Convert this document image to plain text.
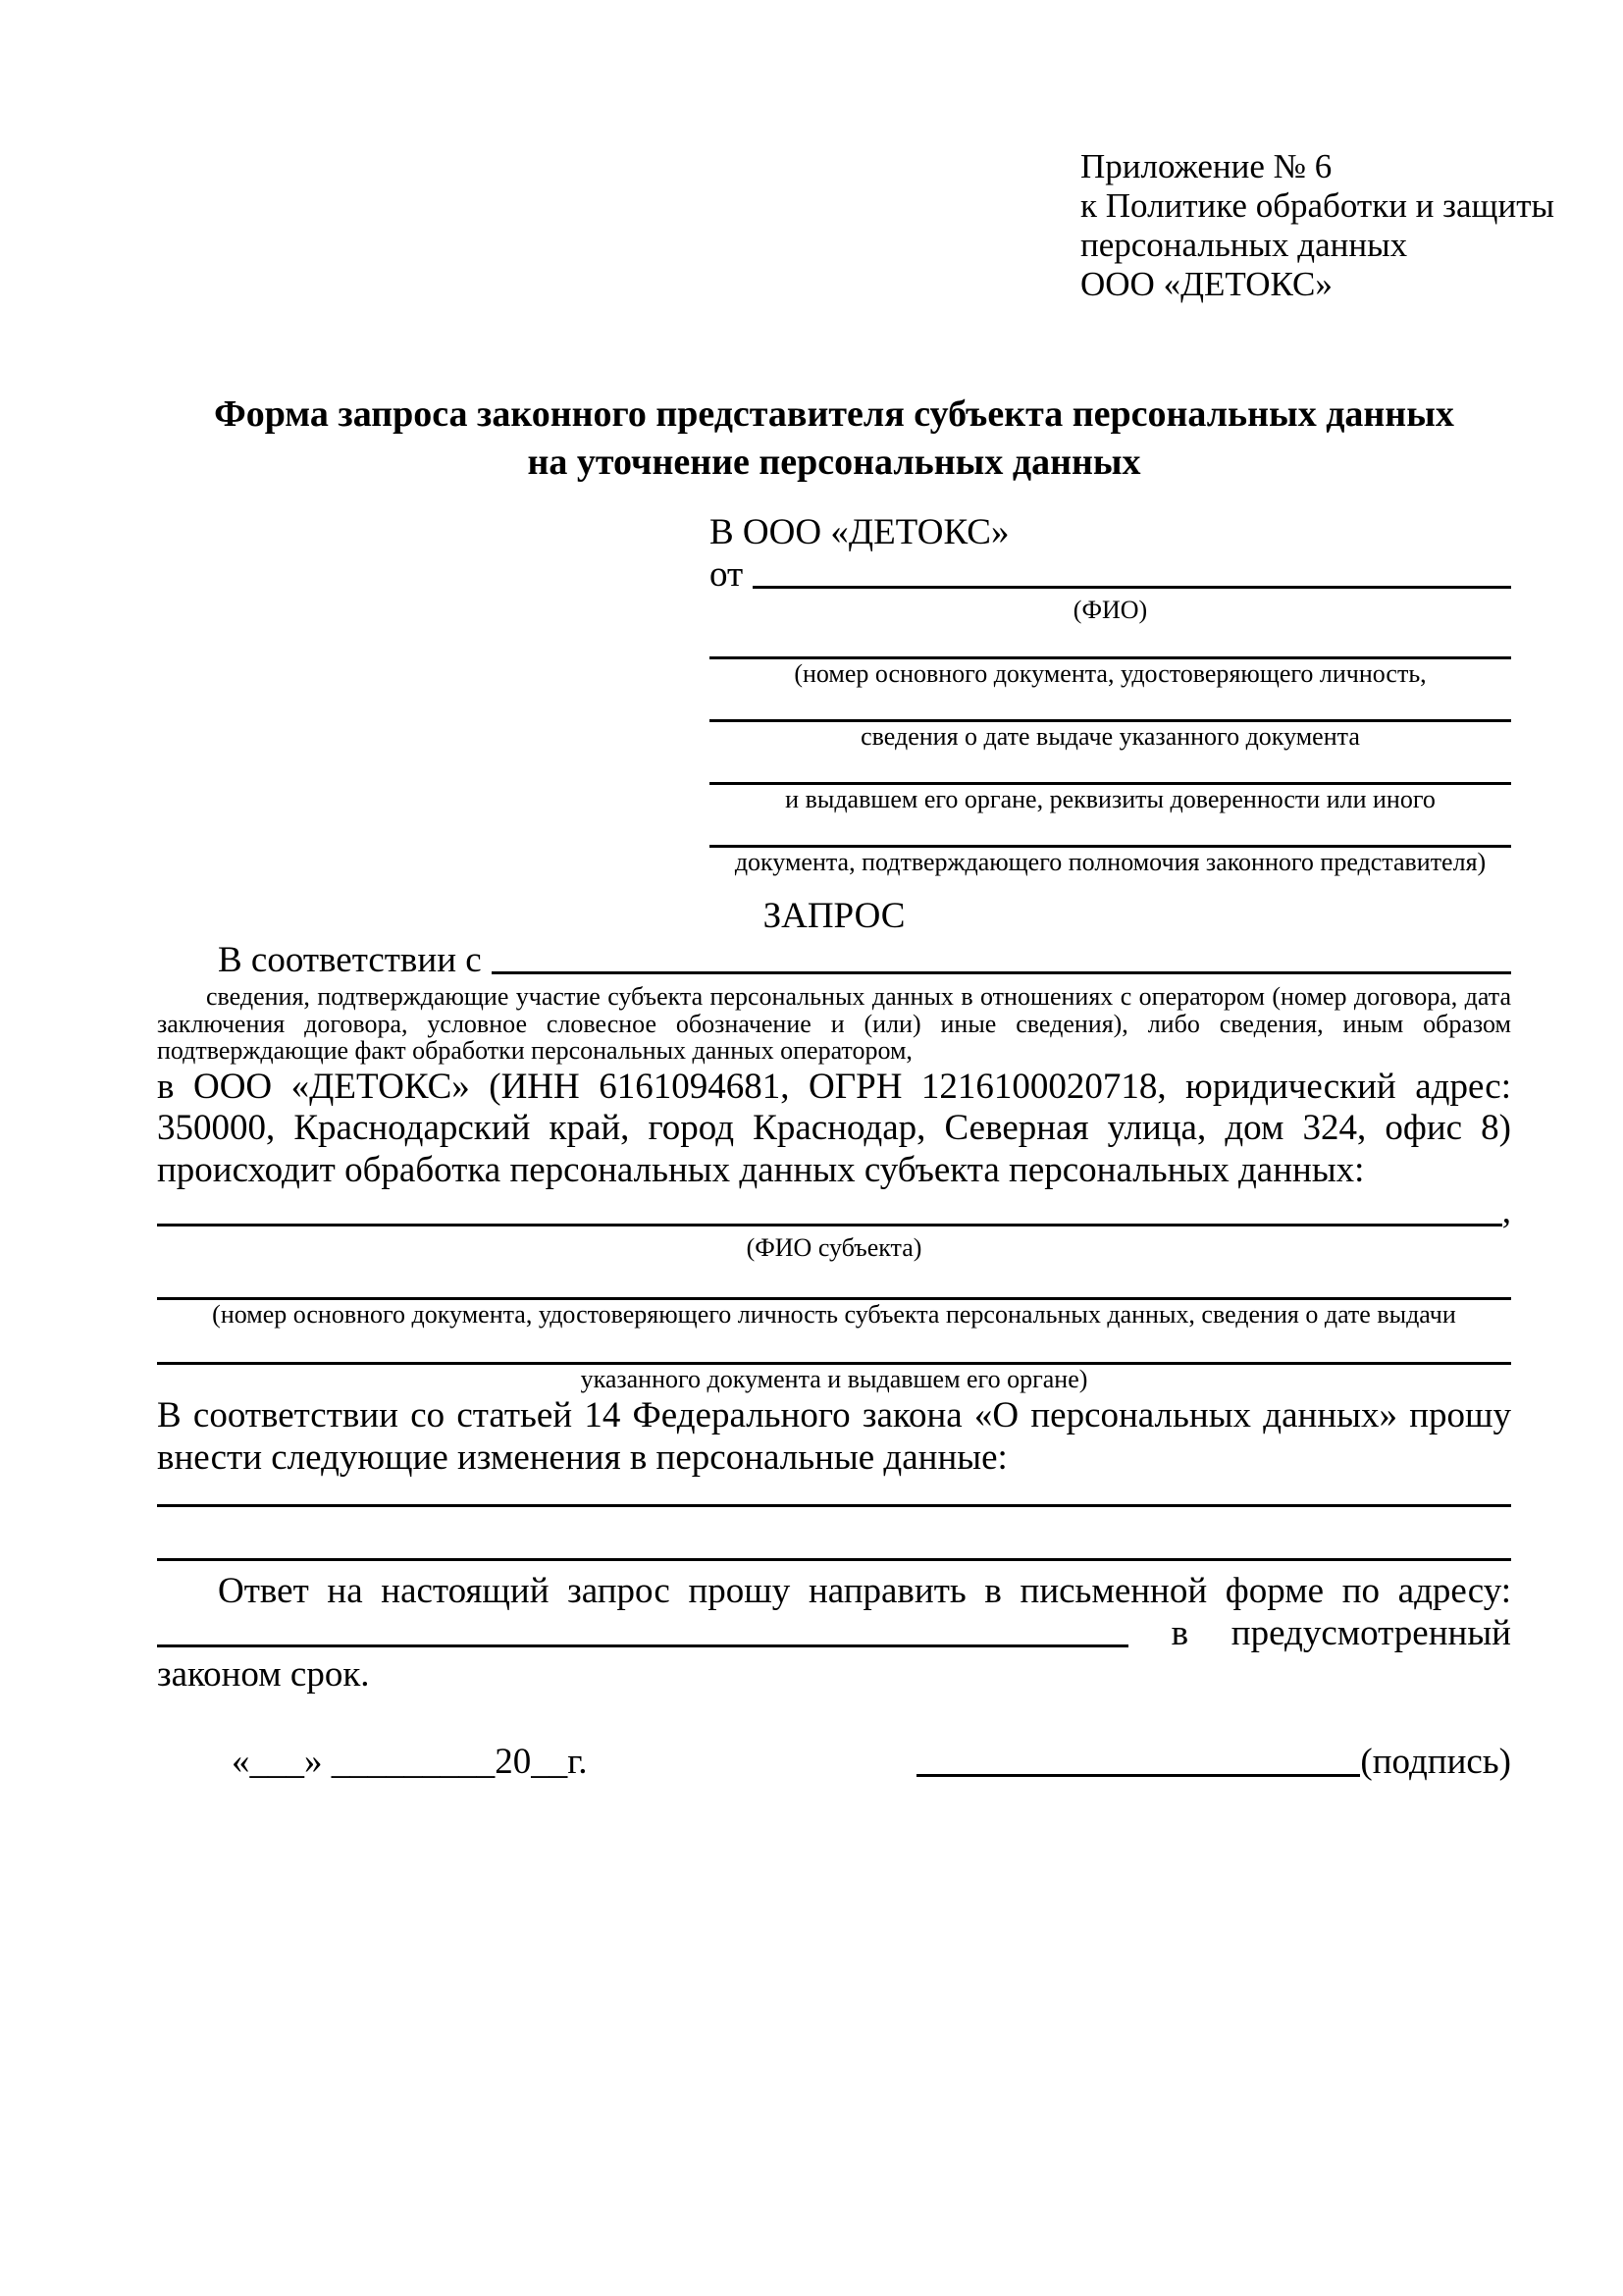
Приложение № 6
к Политике обработки и защиты
персональных данных
ООО «ДЕТОКС»
Форма запроса законного представителя субъекта персональных данных
на уточнение персональных данных
В ООО «ДЕТОКС»
от
(ФИО)
(номер основного документа, удостоверяющего личность,
сведения о дате выдаче указанного документа
и выдавшем его органе, реквизиты доверенности или иного
документа, подтверждающего полномочия законного представителя)
ЗАПРОС
В соответствии с

сведения, подтверждающие участие субъекта персональных данных в отношениях с оператором (номер договора, дата заключения договора, условное словесное обозначение и (или) иные сведения), либо сведения, иным образом подтверждающие факт обработки персональных данных оператором,

в ООО «ДЕТОКС» (ИНН 6161094681, ОГРН 1216100020718, юридический адрес: 350000, Краснодарский край, город Краснодар, Северная улица, дом 324, офис 8) происходит обработка персональных данных субъекта персональных данных:

,
(ФИО субъекта)
(номер основного документа, удостоверяющего личность субъекта персональных данных, сведения о дате выдачи
указанного документа и выдавшем его органе)

В соответствии со статьей 14 Федерального закона «О персональных данных» прошу внести следующие изменения в персональные данные:

Ответ на настоящий запрос прошу направить в письменной форме по адресу:

в предусмотренный

законом срок.

«___» _________20__г.	(подпись)
